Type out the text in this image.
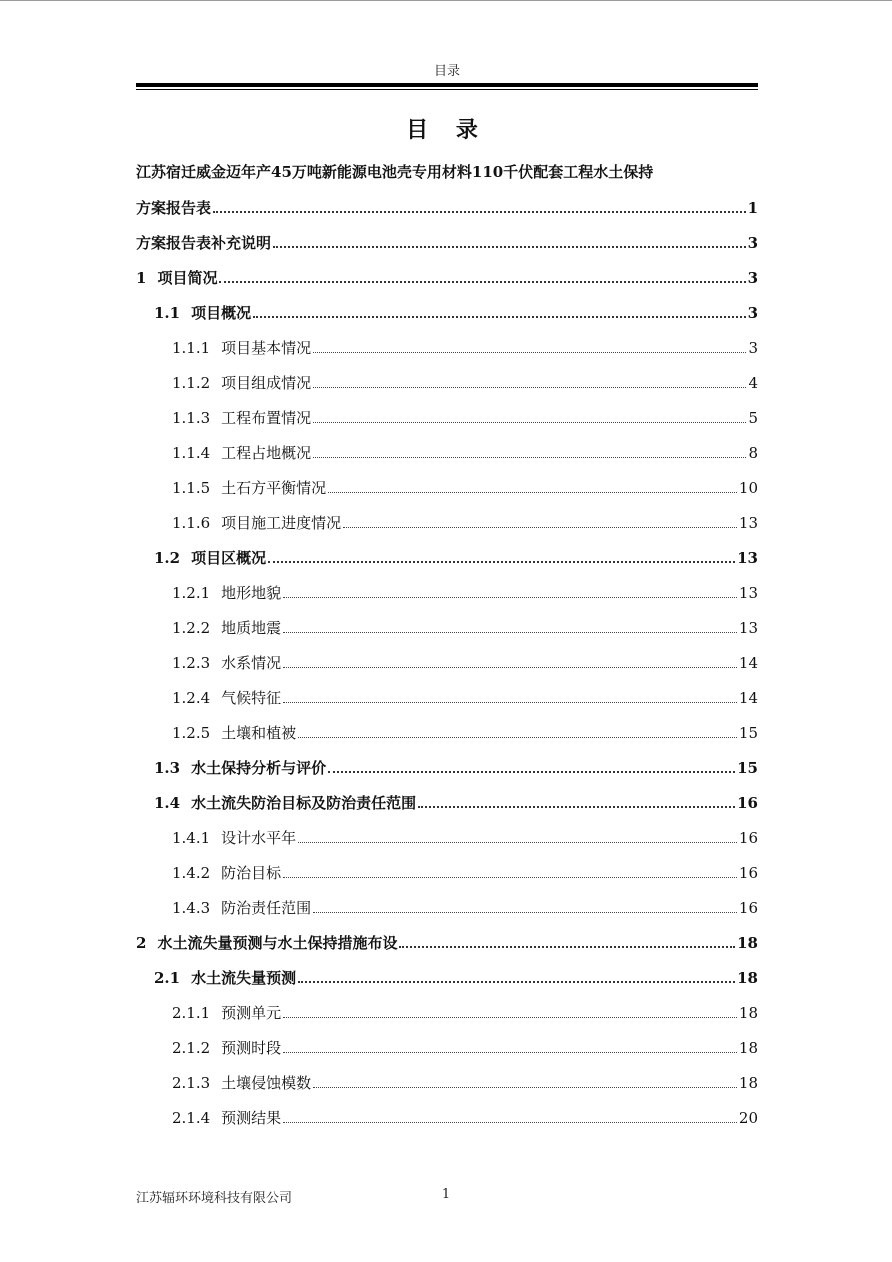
目录
目 录
江苏宿迁威金迈年产45万吨新能源电池壳专用材料110千伏配套工程水土保持
方案报告表	1
方案报告表补充说明	3
1 项目简况	3
1.1 项目概况	3
1.1.1 项目基本情况	3
1.1.2 项目组成情况	4
1.1.3 工程布置情况	5
1.1.4 工程占地概况	8
1.1.5 土石方平衡情况	10
1.1.6 项目施工进度情况	13
1.2 项目区概况	13
1.2.1 地形地貌	13
1.2.2 地质地震	13
1.2.3 水系情况	14
1.2.4 气候特征	14
1.2.5 土壤和植被	15
1.3 水土保持分析与评价	15
1.4 水土流失防治目标及防治责任范围	16
1.4.1 设计水平年	16
1.4.2 防治目标	16
1.4.3 防治责任范围	16
2 水土流失量预测与水土保持措施布设	18
2.1 水土流失量预测	18
2.1.1 预测单元	18
2.1.2 预测时段	18
2.1.3 土壤侵蚀模数	18
2.1.4 预测结果	20
江苏辐环环境科技有限公司	1
